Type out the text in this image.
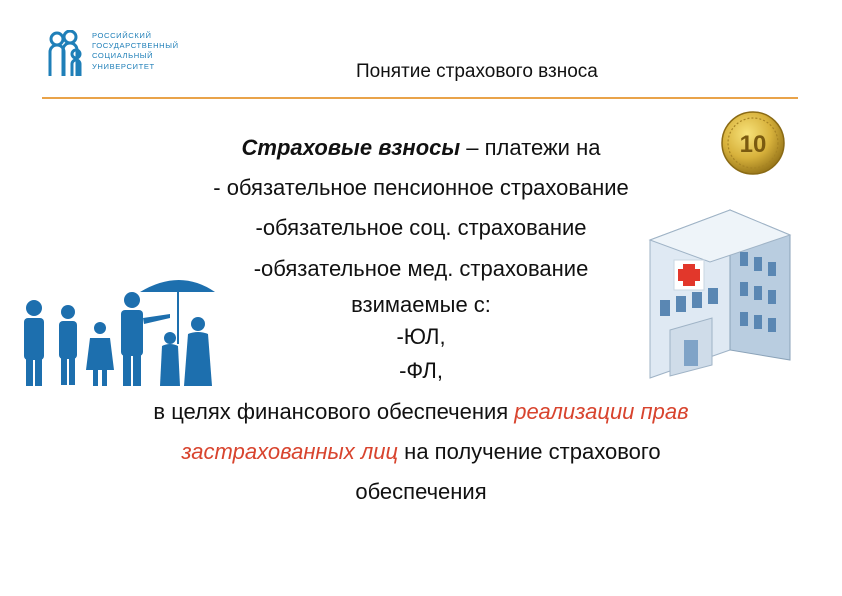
РОССИЙСКИЙ
ГОСУДАРСТВЕННЫЙ
СОЦИАЛЬНЫЙ
УНИВЕРСИТЕТ	Понятие страхового взноса
10
Страховые взносы – платежи на
- обязательное пенсионное страхование
-обязательное соц. страхование
-обязательное мед. страхование
взимаемые с:
-ЮЛ,
-ФЛ,
в целях финансового обеспечения реализации прав
застрахованных лиц на получение страхового
обеспечения
